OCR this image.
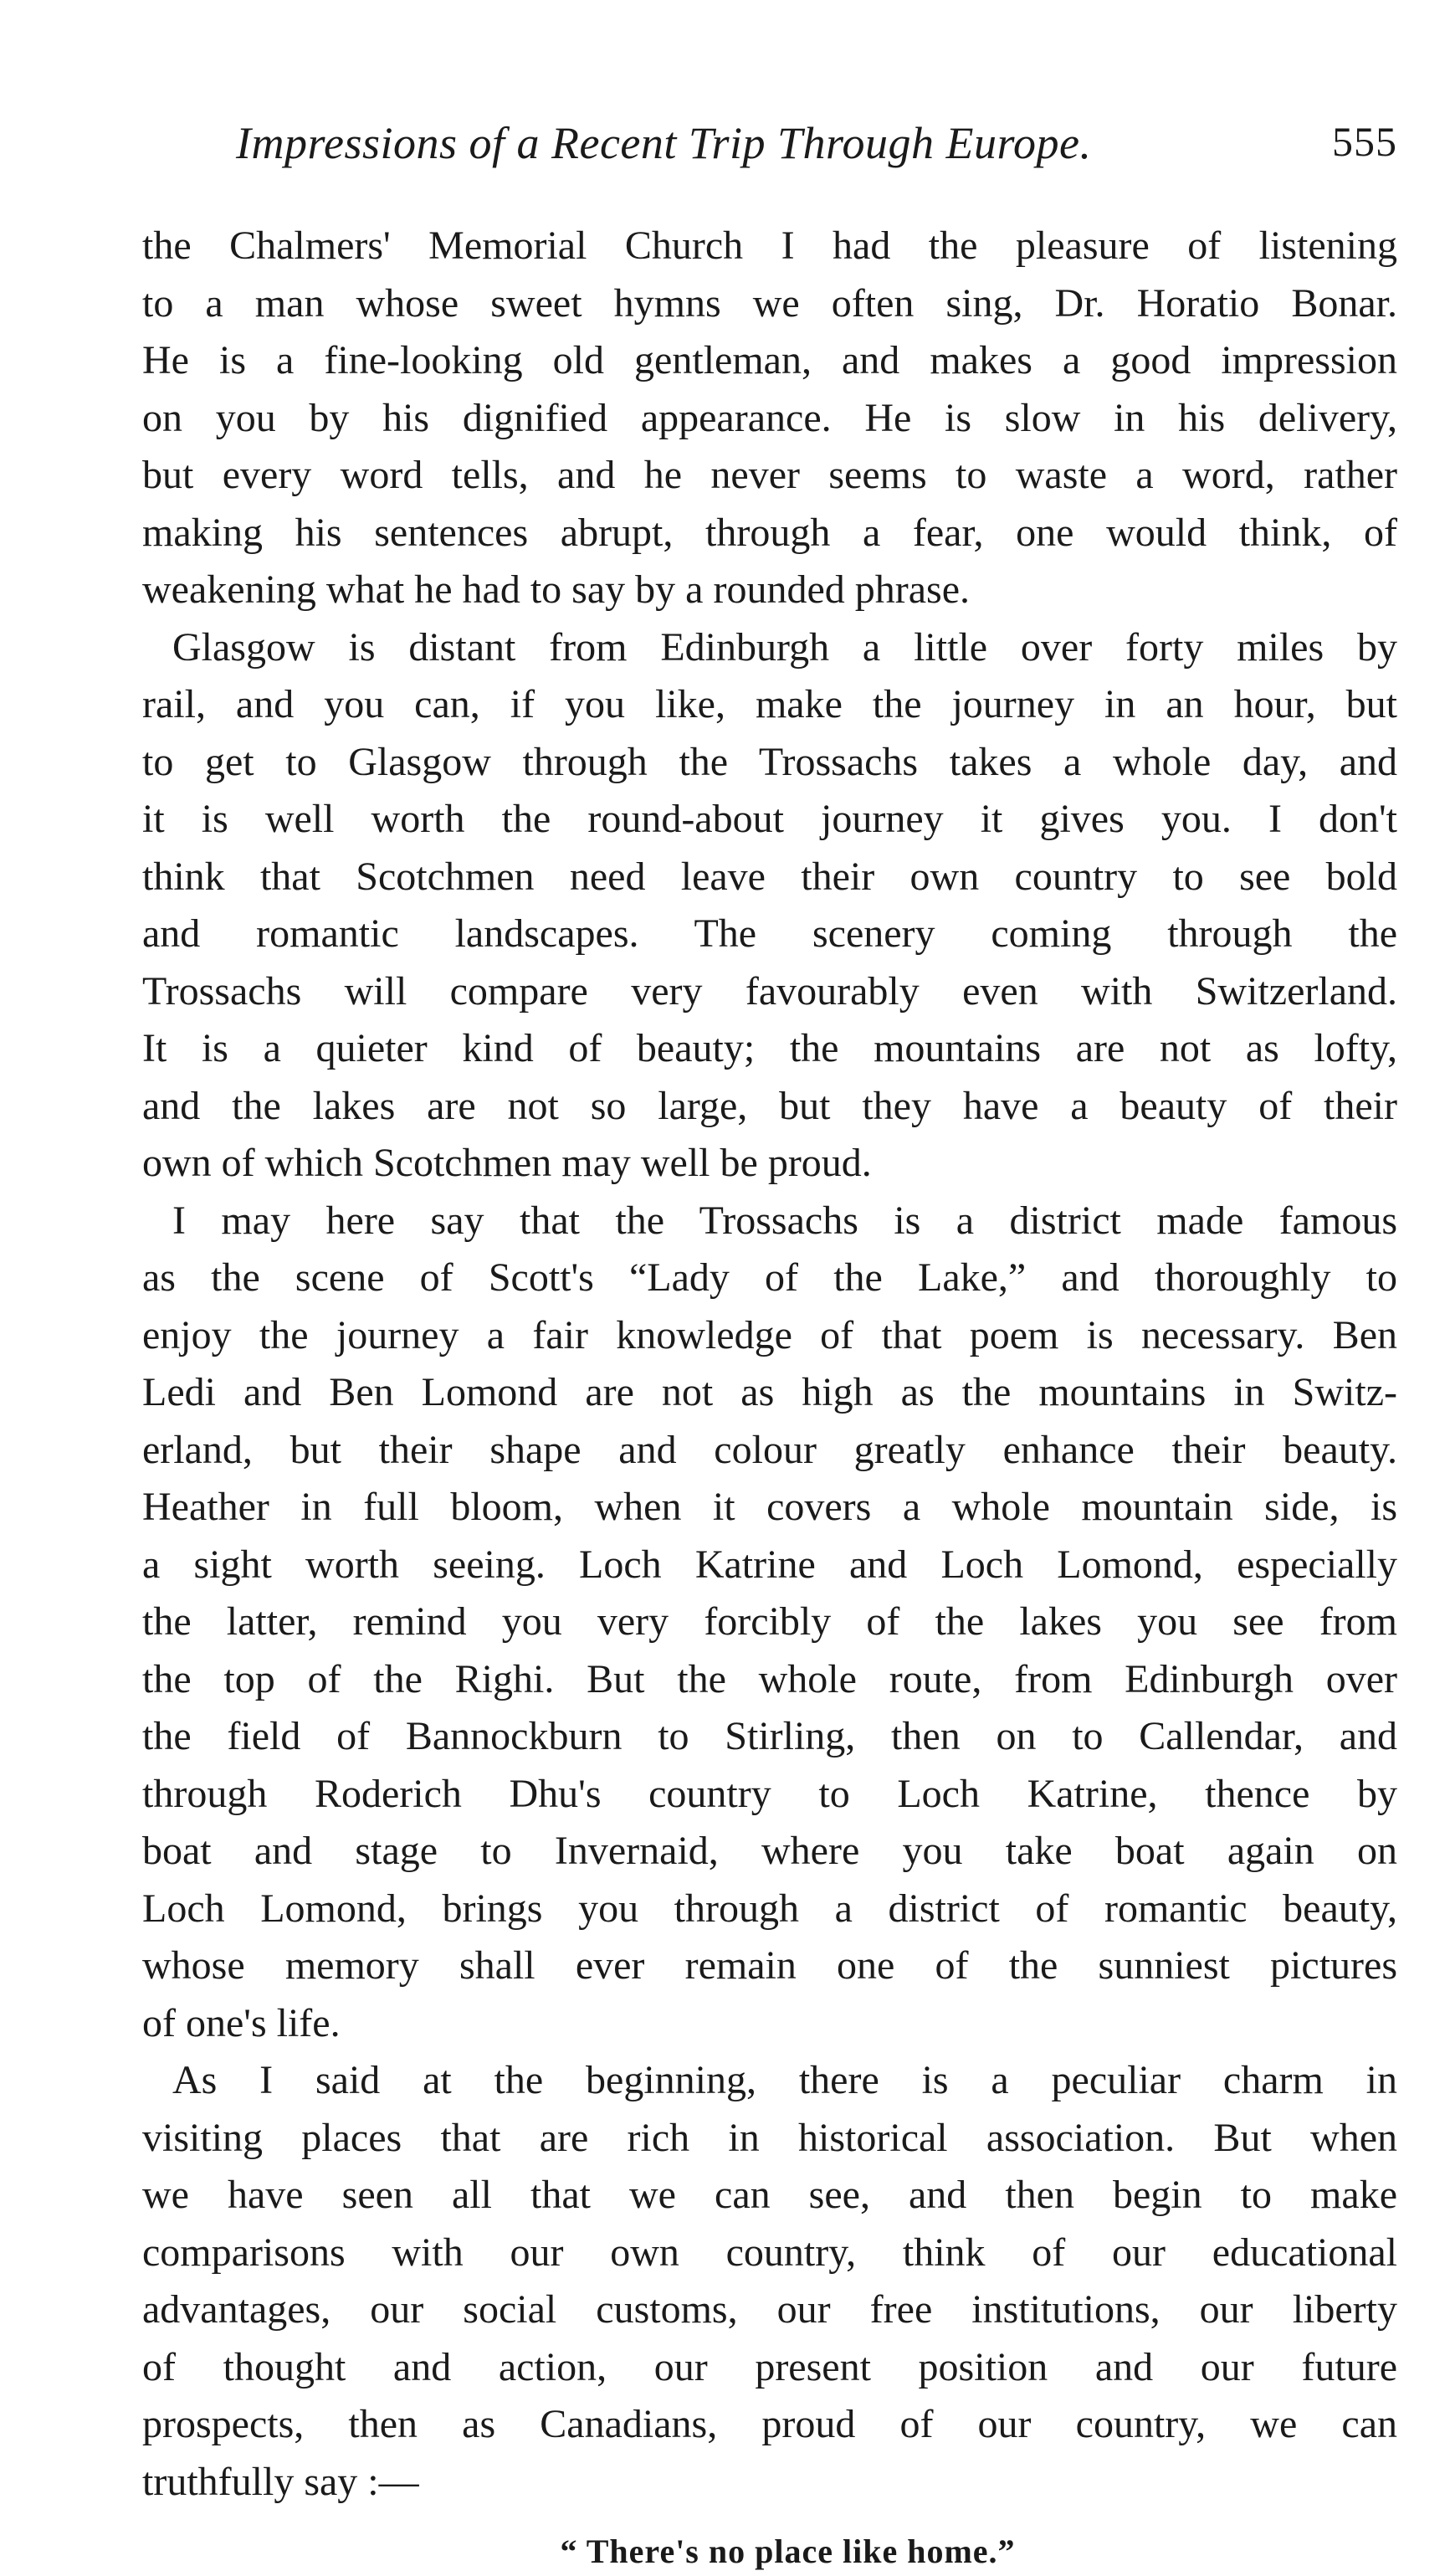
Impressions of a Recent Trip Through Europe.	555
the Chalmers' Memorial Church I had the pleasure of listening
to a man whose sweet hymns we often sing, Dr. Horatio Bonar.
He is a fine-looking old gentleman, and makes a good impression
on you by his dignified appearance. He is slow in his delivery,
but every word tells, and he never seems to waste a word, rather
making his sentences abrupt, through a fear, one would think, of
weakening what he had to say by a rounded phrase.
Glasgow is distant from Edinburgh a little over forty miles by
rail, and you can, if you like, make the journey in an hour, but
to get to Glasgow through the Trossachs takes a whole day, and
it is well worth the round-about journey it gives you. I don't
think that Scotchmen need leave their own country to see bold
and romantic landscapes. The scenery coming through the
Trossachs will compare very favourably even with Switzerland.
It is a quieter kind of beauty; the mountains are not as lofty,
and the lakes are not so large, but they have a beauty of their
own of which Scotchmen may well be proud.
I may here say that the Trossachs is a district made famous
as the scene of Scott's “Lady of the Lake,” and thoroughly to
enjoy the journey a fair knowledge of that poem is necessary. Ben
Ledi and Ben Lomond are not as high as the mountains in Switz-
erland, but their shape and colour greatly enhance their beauty.
Heather in full bloom, when it covers a whole mountain side, is
a sight worth seeing. Loch Katrine and Loch Lomond, especially
the latter, remind you very forcibly of the lakes you see from
the top of the Righi. But the whole route, from Edinburgh over
the field of Bannockburn to Stirling, then on to Callendar, and
through Roderich Dhu's country to Loch Katrine, thence by
boat and stage to Invernaid, where you take boat again on
Loch Lomond, brings you through a district of romantic beauty,
whose memory shall ever remain one of the sunniest pictures
of one's life.
As I said at the beginning, there is a peculiar charm in
visiting places that are rich in historical association. But when
we have seen all that we can see, and then begin to make
comparisons with our own country, think of our educational
advantages, our social customs, our free institutions, our liberty
of thought and action, our present position and our future
prospects, then as Canadians, proud of our country, we can
truthfully say :—
“ There's no place like home.”
